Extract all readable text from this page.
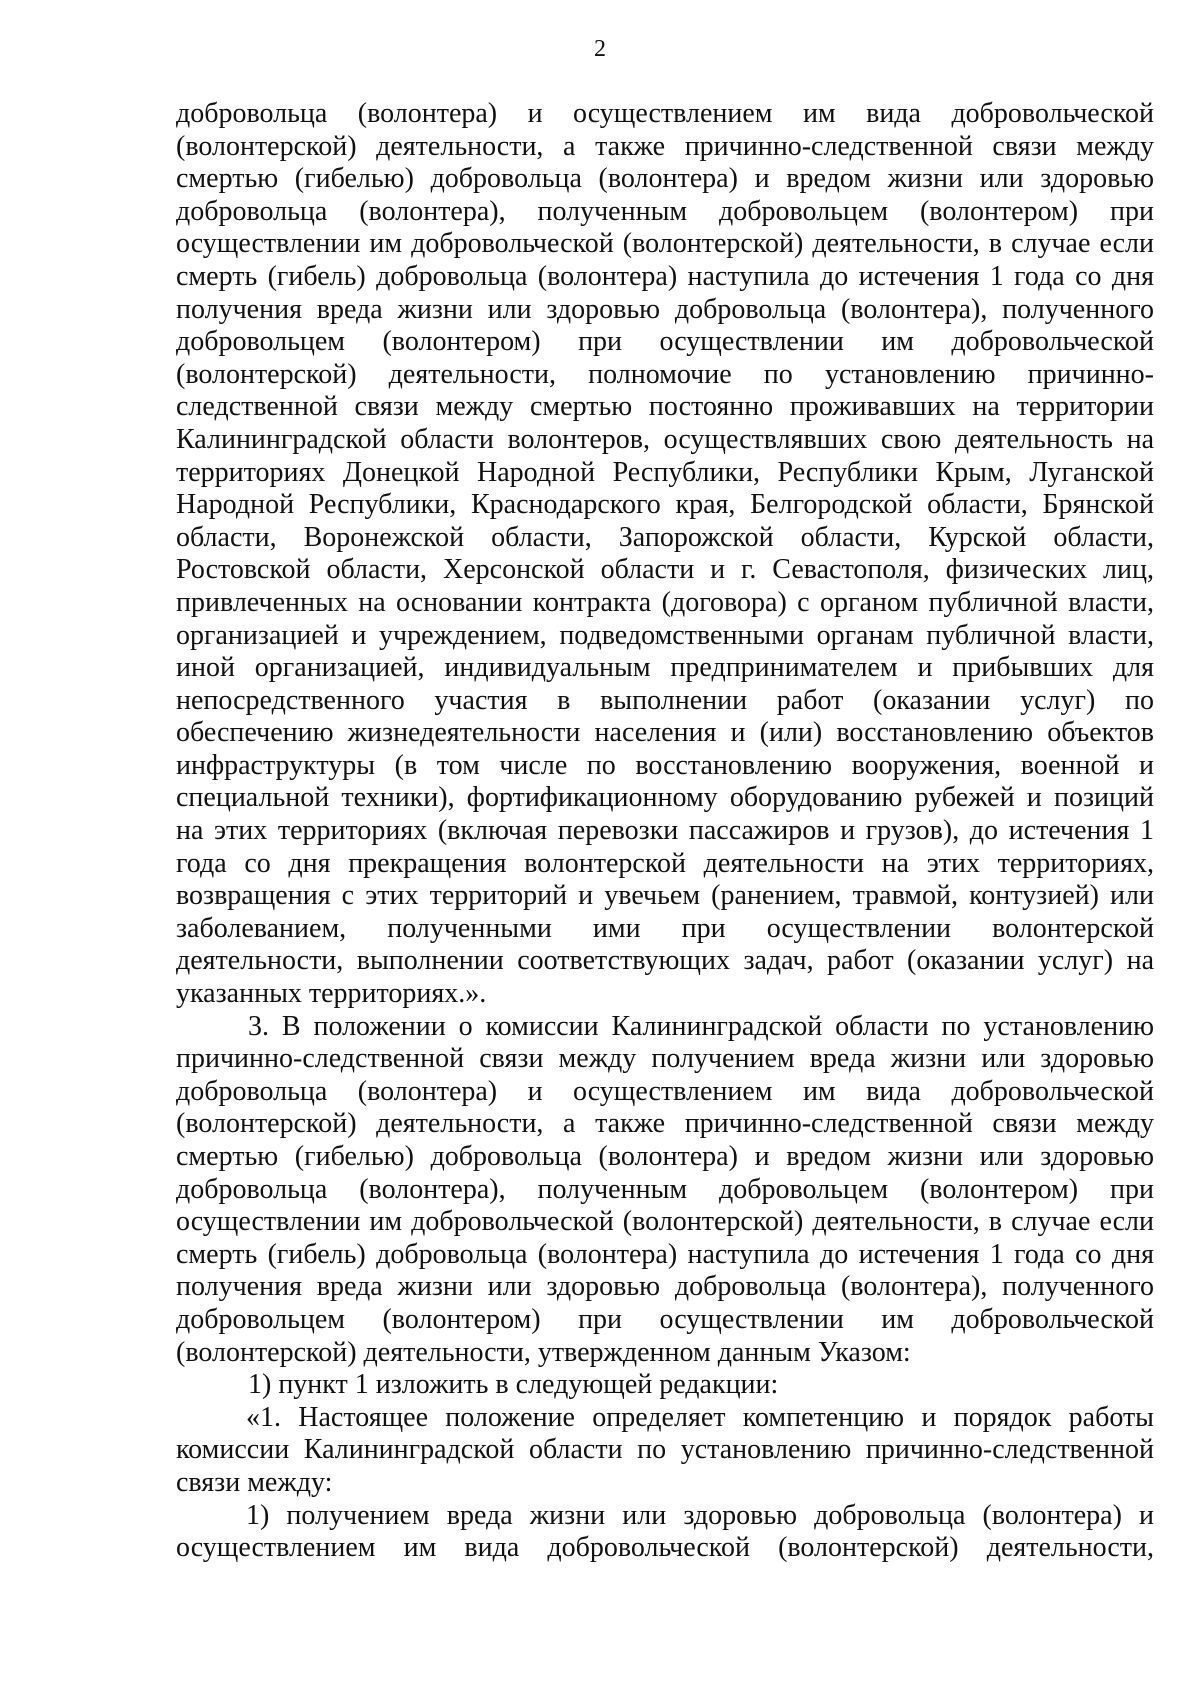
2

добровольца (волонтера) и осуществлением им вида добровольческой (волонтерской) деятельности, а также причинно-следственной связи между смертью (гибелью) добровольца (волонтера) и вредом жизни или здоровью добровольца (волонтера), полученным добровольцем (волонтером) при осуществлении им добровольческой (волонтерской) деятельности, в случае если смерть (гибель) добровольца (волонтера) наступила до истечения 1 года со дня получения вреда жизни или здоровью добровольца (волонтера), полученного добровольцем (волонтером) при осуществлении им добровольческой (волонтерской) деятельности, полномочие по установлению причинно-следственной связи между смертью постоянно проживавших на территории Калининградской области волонтеров, осуществлявших свою деятельность на территориях Донецкой Народной Республики, Республики Крым, Луганской Народной Республики, Краснодарского края, Белгородской области, Брянской области, Воронежской области, Запорожской области, Курской области, Ростовской области, Херсонской области и г. Севастополя, физических лиц, привлеченных на основании контракта (договора) с органом публичной власти, организацией и учреждением, подведомственными органам публичной власти, иной организацией, индивидуальным предпринимателем и прибывших для непосредственного участия в выполнении работ (оказании услуг) по обеспечению жизнедеятельности населения и (или) восстановлению объектов инфраструктуры (в том числе по восстановлению вооружения, военной и специальной техники), фортификационному оборудованию рубежей и позиций на этих территориях (включая перевозки пассажиров и грузов), до истечения 1 года со дня прекращения волонтерской деятельности на этих территориях, возвращения с этих территорий и увечьем (ранением, травмой, контузией) или заболеванием, полученными ими при осуществлении волонтерской деятельности, выполнении соответствующих задач, работ (оказании услуг) на указанных территориях.».

3. В положении о комиссии Калининградской области по установлению причинно-следственной связи между получением вреда жизни или здоровью добровольца (волонтера) и осуществлением им вида добровольческой (волонтерской) деятельности, а также причинно-следственной связи между смертью (гибелью) добровольца (волонтера) и вредом жизни или здоровью добровольца (волонтера), полученным добровольцем (волонтером) при осуществлении им добровольческой (волонтерской) деятельности, в случае если смерть (гибель) добровольца (волонтера) наступила до истечения 1 года со дня получения вреда жизни или здоровью добровольца (волонтера), полученного добровольцем (волонтером) при осуществлении им добровольческой (волонтерской) деятельности, утвержденном данным Указом:

1) пункт 1 изложить в следующей редакции:

«1. Настоящее положение определяет компетенцию и порядок работы комиссии Калининградской области по установлению причинно-следственной связи между:

1) получением вреда жизни или здоровью добровольца (волонтера) и осуществлением им вида добровольческой (волонтерской) деятельности,
